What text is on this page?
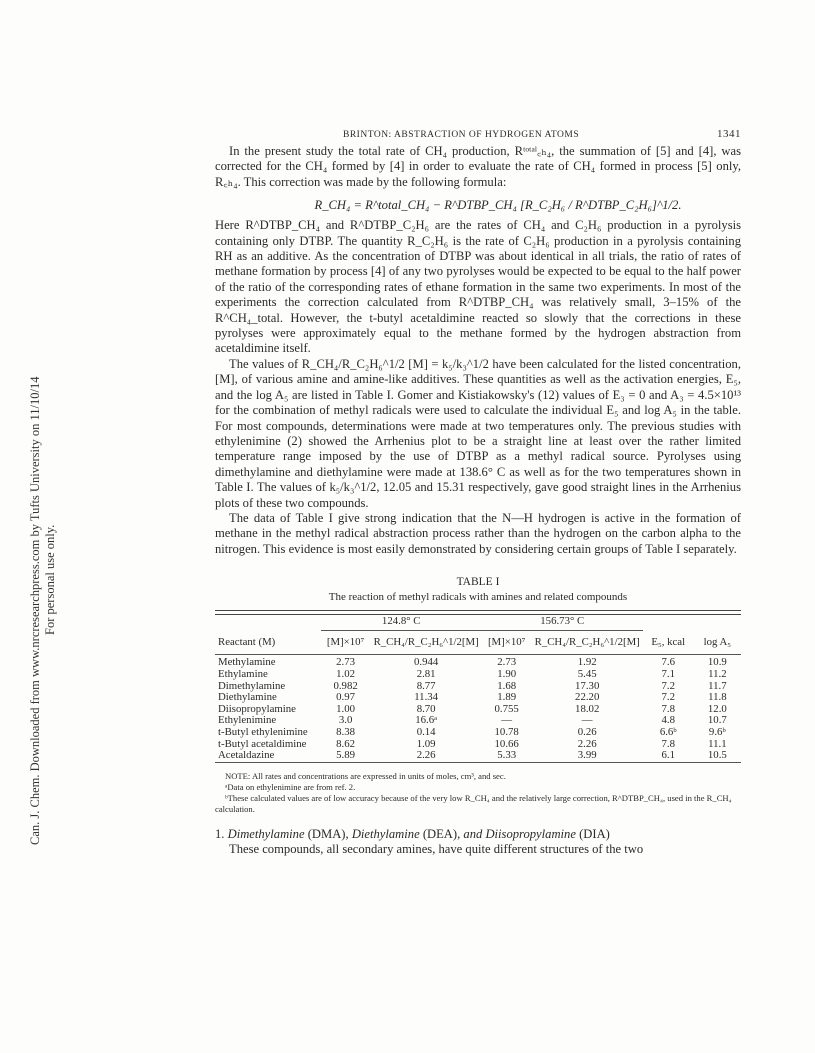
Can. J. Chem. Downloaded from www.nrcresearchpress.com by Tufts University on 11/10/14 For personal use only.
BRINTON: ABSTRACTION OF HYDROGEN ATOMS	1341

In the present study the total rate of CH₄ production, Rᵗᵒᵗᵃˡ꜀ₕ₄, the summation of [5] and [4], was corrected for the CH₄ formed by [4] in order to evaluate the rate of CH₄ formed in process [5] only, R꜀ₕ₄. This correction was made by the following formula:

R_CH₄ = R^total_CH₄ − R^DTBP_CH₄ [R_C₂H₆ / R^DTBP_C₂H₆]^1/2.

Here R^DTBP_CH₄ and R^DTBP_C₂H₆ are the rates of CH₄ and C₂H₆ production in a pyrolysis containing only DTBP. The quantity R_C₂H₆ is the rate of C₂H₆ production in a pyrolysis containing RH as an additive. As the concentration of DTBP was about identical in all trials, the ratio of rates of methane formation by process [4] of any two pyrolyses would be expected to be equal to the half power of the ratio of the corresponding rates of ethane formation in the same two experiments. In most of the experiments the correction calculated from R^DTBP_CH₄ was relatively small, 3–15% of the R^CH₄_total. However, the t-butyl acetaldimine reacted so slowly that the corrections in these pyrolyses were approximately equal to the methane formed by the hydrogen abstraction from acetaldimine itself.

The values of R_CH₄/R_C₂H₆^1/2 [M] = k₅/k₃^1/2 have been calculated for the listed concentration, [M], of various amine and amine-like additives. These quantities as well as the activation energies, E₅, and the log A₅ are listed in Table I. Gomer and Kistiakowsky's (12) values of E₃ = 0 and A₃ = 4.5×10¹³ for the combination of methyl radicals were used to calculate the individual E₅ and log A₅ in the table. For most compounds, determinations were made at two temperatures only. The previous studies with ethylenimine (2) showed the Arrhenius plot to be a straight line at least over the rather limited temperature range imposed by the use of DTBP as a methyl radical source. Pyrolyses using dimethylamine and diethylamine were made at 138.6° C as well as for the two temperatures shown in Table I. The values of k₅/k₃^1/2, 12.05 and 15.31 respectively, gave good straight lines in the Arrhenius plots of these two compounds.

The data of Table I give strong indication that the N—H hydrogen is active in the formation of methane in the methyl radical abstraction process rather than the hydrogen on the carbon alpha to the nitrogen. This evidence is most easily demonstrated by considering certain groups of Table I separately.

TABLE I
The reaction of methyl radicals with amines and related compounds

	124.8° C		156.73° C			
Reactant (M)	[M]×10⁷	R_CH₄/R_C₂H₆^1/2[M]	[M]×10⁷	R_CH₄/R_C₂H₆^1/2[M]	E₅, kcal	log A₅

Methylamine	2.73	0.944	2.73	1.92	7.6	10.9
Ethylamine	1.02	2.81	1.90	5.45	7.1	11.2
Dimethylamine	0.982	8.77	1.68	17.30	7.2	11.7
Diethylamine	0.97	11.34	1.89	22.20	7.2	11.8
Diisopropylamine	1.00	8.70	0.755	18.02	7.8	12.0
Ethylenimine	3.0	16.6ᵃ	—	—	4.8	10.7
t-Butyl ethylenimine	8.38	0.14	10.78	0.26	6.6ᵇ	9.6ᵇ
t-Butyl acetaldimine	8.62	1.09	10.66	2.26	7.8	11.1
Acetaldazine	5.89	2.26	5.33	3.99	6.1	10.5

NOTE: All rates and concentrations are expressed in units of moles, cm³, and sec.
ᵃData on ethylenimine are from ref. 2.
ᵇThese calculated values are of low accuracy because of the very low R_CH₄ and the relatively large correction, R^DTBP_CH₄, used in the R_CH₄ calculation.
1. Dimethylamine (DMA), Diethylamine (DEA), and Diisopropylamine (DIA)

These compounds, all secondary amines, have quite different structures of the two
